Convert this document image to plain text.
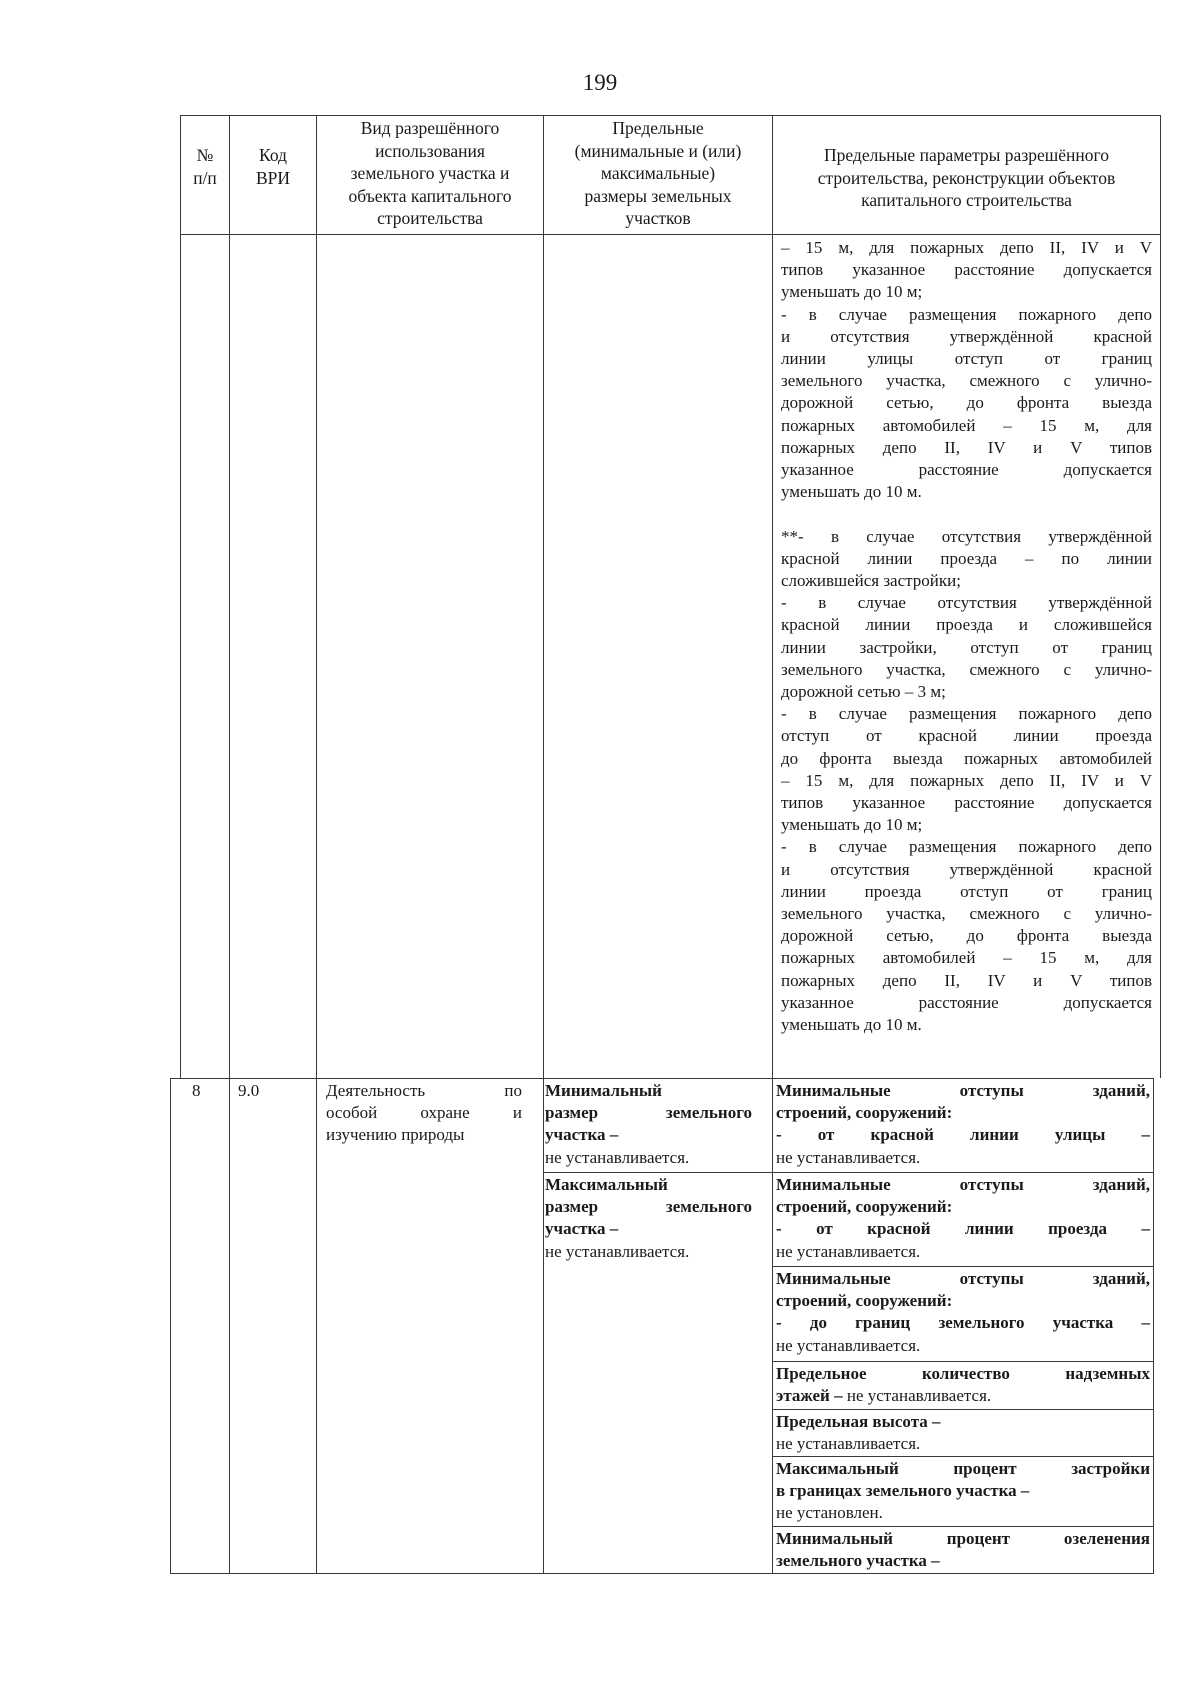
199
№
п/п
Код
ВРИ
Вид разрешённого
использования
земельного участка и
объекта капитального
строительства
Предельные
(минимальные и (или)
максимальные)
размеры земельных
участков
Предельные параметры разрешённого
строительства, реконструкции объектов
капитального строительства
– 15 м, для пожарных депо II, IV и V
типов указанное расстояние допускается
уменьшать до 10 м;
- в случае размещения пожарного депо
и отсутствия утверждённой красной
линии улицы отступ от границ
земельного участка, смежного с улично-
дорожной сетью, до фронта выезда
пожарных автомобилей – 15 м, для
пожарных депо II, IV и V типов
указанное расстояние допускается
уменьшать до 10 м.
**- в случае отсутствия утверждённой
красной линии проезда – по линии
сложившейся застройки;
- в случае отсутствия утверждённой
красной линии проезда и сложившейся
линии застройки, отступ от границ
земельного участка, смежного с улично-
дорожной сетью – 3 м;
- в случае размещения пожарного депо
отступ от красной линии проезда
до фронта выезда пожарных автомобилей
– 15 м, для пожарных депо II, IV и V
типов указанное расстояние допускается
уменьшать до 10 м;
- в случае размещения пожарного депо
и отсутствия утверждённой красной
линии проезда отступ от границ
земельного участка, смежного с улично-
дорожной сетью, до фронта выезда
пожарных автомобилей – 15 м, для
пожарных депо II, IV и V типов
указанное расстояние допускается
уменьшать до 10 м.
8 9.0	Деятельность по
особой охране и
изучению природы
Минимальный
размер земельного
участка –
не устанавливается.
Максимальный
размер земельного
участка –
не устанавливается.
Минимальные отступы зданий,
строений, сооружений:
- от красной линии улицы –
не устанавливается.
Минимальные отступы зданий,
строений, сооружений:
- от красной линии проезда –
не устанавливается.
Минимальные отступы зданий,
строений, сооружений:
- до границ земельного участка –
не устанавливается.
Предельное количество надземных
этажей – не устанавливается.
Предельная высота –
не устанавливается.
Максимальный процент застройки
в границах земельного участка –
не установлен.
Минимальный процент озеленения
земельного участка –
